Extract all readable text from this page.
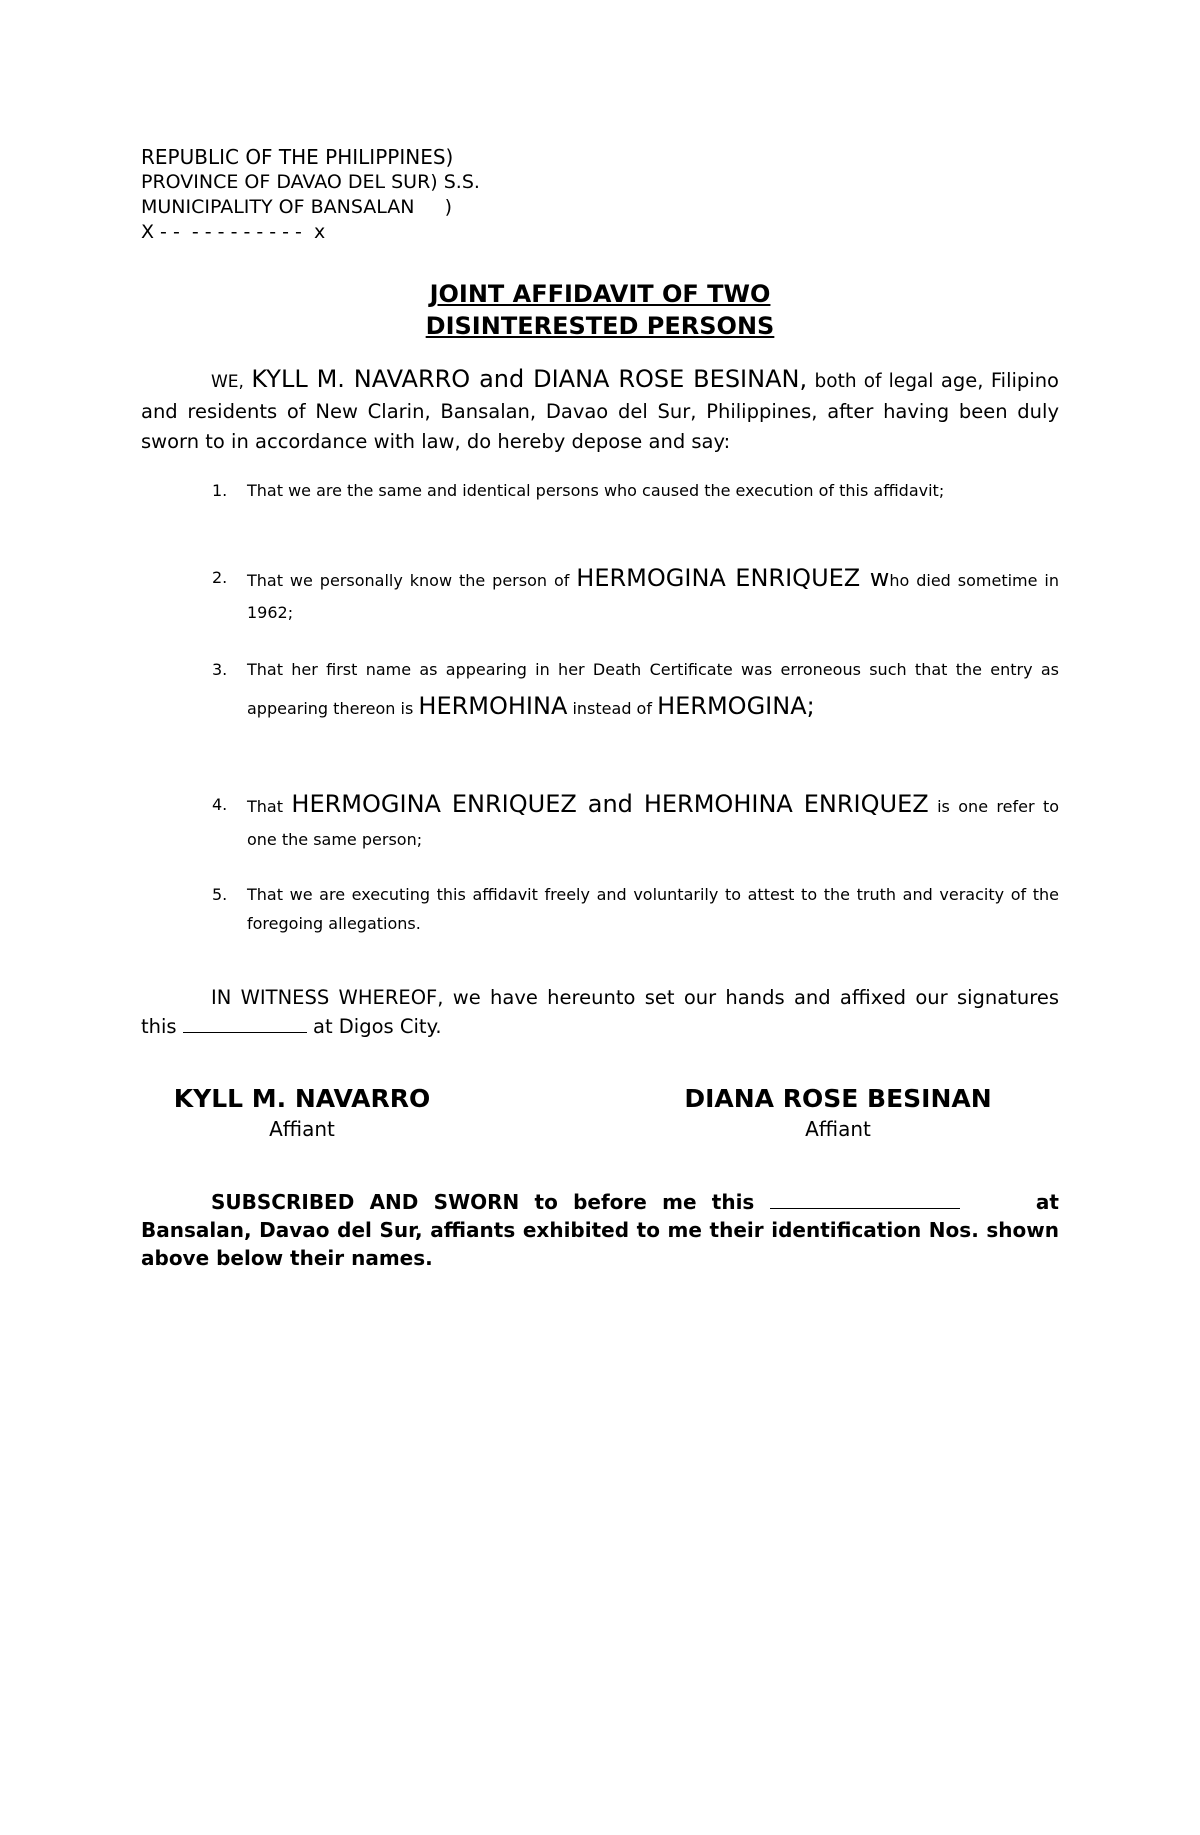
REPUBLIC OF THE PHILIPPINES)
PROVINCE OF DAVAO DEL SUR) S.S.
MUNICIPALITY OF BANSALAN     )
X - -  - - - - - - - - -  x
JOINT AFFIDAVIT OF TWO
DISINTERESTED PERSONS
WE, KYLL M. NAVARRO and DIANA ROSE BESINAN, both of legal age, Filipino and residents of New Clarin, Bansalan, Davao del Sur, Philippines, after having been duly sworn to in accordance with law, do hereby depose and say:
1.	That we are the same and identical persons who caused the execution of this affidavit;
2.	That we personally know the person of HERMOGINA ENRIQUEZ who died sometime in 1962;
3.	That her first name as appearing in her Death Certificate was erroneous such that the entry as appearing thereon is HERMOHINA instead of HERMOGINA;
4.	That HERMOGINA ENRIQUEZ and HERMOHINA ENRIQUEZ is one refer to one the same person;
5.	That we are executing this affidavit freely and voluntarily to attest to the truth and veracity of the foregoing allegations.
IN WITNESS WHEREOF, we have hereunto set our hands and affixed our signatures this	at Digos City.
KYLL M. NAVARRO
Affiant
DIANA ROSE BESINAN
Affiant
SUBSCRIBED AND SWORN to before me this	at Bansalan, Davao del Sur, affiants exhibited to me their identification Nos. shown above below their names.
